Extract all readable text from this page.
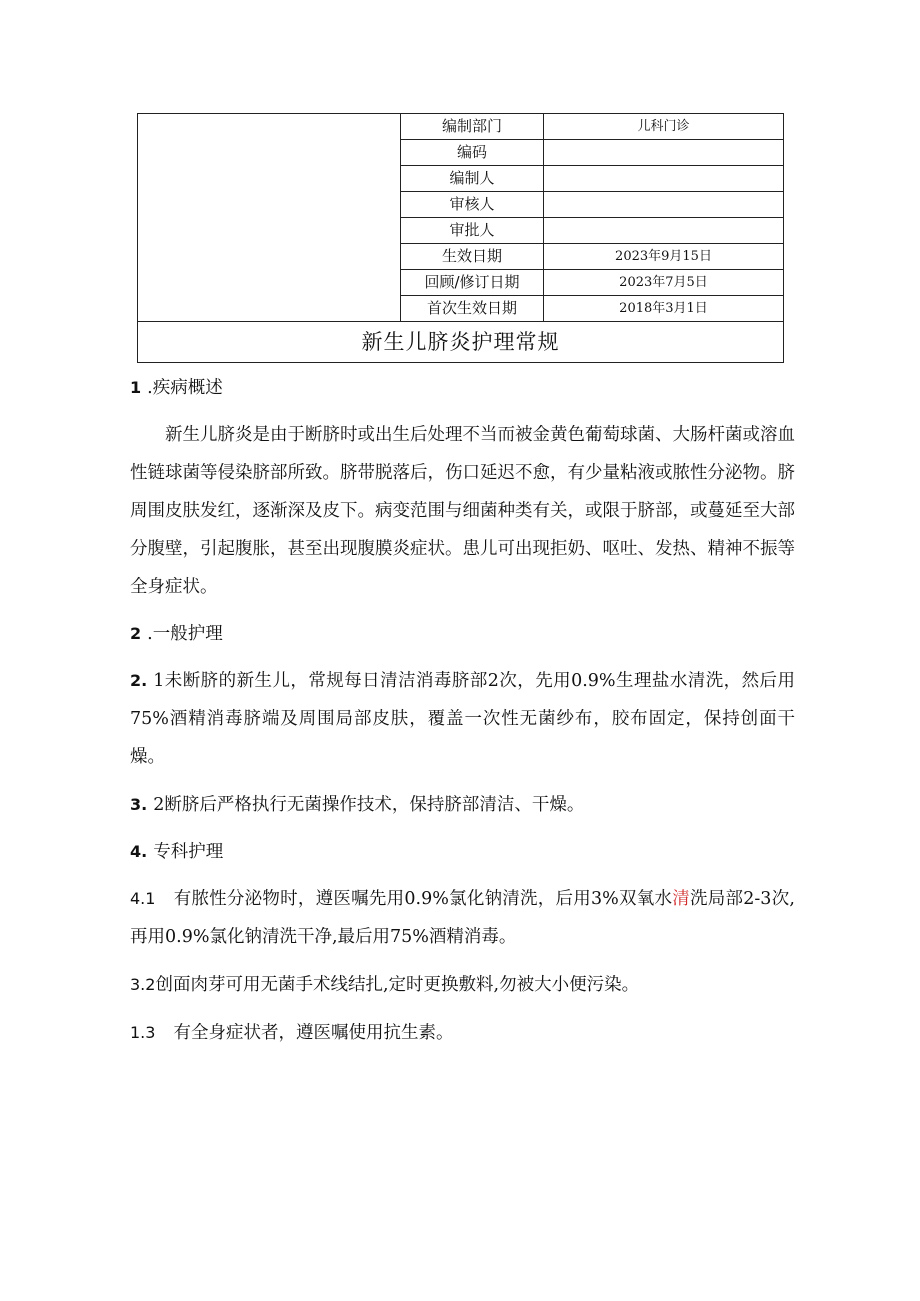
	编制部门	儿科门诊
	编码	
	编制人	
	审核人	
	审批人	
	生效日期	2023年9月15日
	回顾/修订日期	2023年7月5日
	首次生效日期	2018年3月1日
新生儿脐炎护理常规		
1 .疾病概述

新生儿脐炎是由于断脐时或出生后处理不当而被金黄色葡萄球菌、大肠杆菌或溶血性链球菌等侵染脐部所致。脐带脱落后，伤口延迟不愈，有少量粘液或脓性分泌物。脐周围皮肤发红，逐渐深及皮下。病变范围与细菌种类有关，或限于脐部，或蔓延至大部分腹壁，引起腹胀，甚至出现腹膜炎症状。患儿可出现拒奶、呕吐、发热、精神不振等全身症状。

2 .一般护理

2. 1未断脐的新生儿，常规每日清洁消毒脐部2次，先用0.9%生理盐水清洗，然后用75%酒精消毒脐端及周围局部皮肤，覆盖一次性无菌纱布，胶布固定，保持创面干燥。

3. 2断脐后严格执行无菌操作技术，保持脐部清洁、干燥。

4. 专科护理

4.1 有脓性分泌物时，遵医嘱先用0.9%氯化钠清洗，后用3%双氧水清洗局部2-3次,再用0.9%氯化钠清洗干净,最后用75%酒精消毒。

3.2创面肉芽可用无菌手术线结扎,定时更换敷料,勿被大小便污染。

1.3 有全身症状者，遵医嘱使用抗生素。
